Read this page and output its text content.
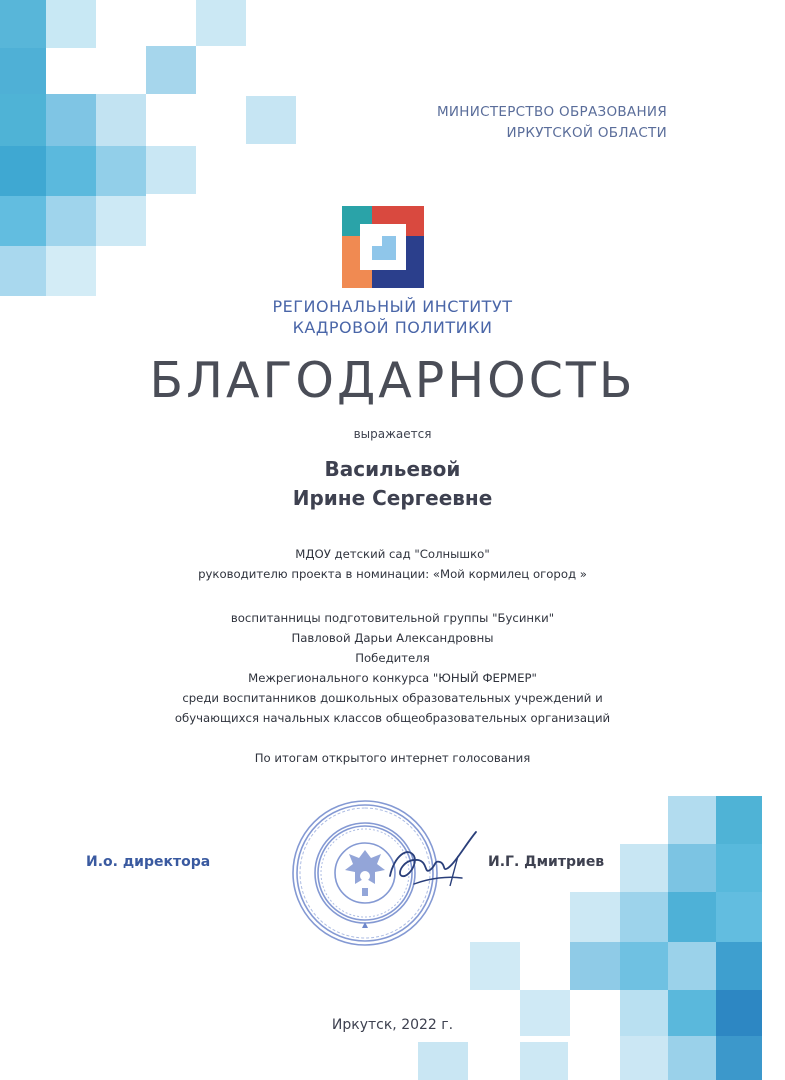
МИНИСТЕРСТВО ОБРАЗОВАНИЯ
ИРКУТСКОЙ ОБЛАСТИ
РЕГИОНАЛЬНЫЙ ИНСТИТУТ
КАДРОВОЙ ПОЛИТИКИ
БЛАГОДАРНОСТЬ
выражается
Васильевой
Ирине Сергеевне
МДОУ детский сад "Солнышко"
руководителю проекта в номинации: «Мой кормилец огород »
воспитанницы подготовительной группы "Бусинки"
Павловой Дарьи Александровны
Победителя
Межрегионального конкурса "ЮНЫЙ ФЕРМЕР"
среди воспитанников дошкольных образовательных учреждений и
обучающихся начальных классов общеобразовательных организаций
По итогам открытого интернет голосования
И.о. директора	И.Г. Дмитриев
Иркутск, 2022 г.
